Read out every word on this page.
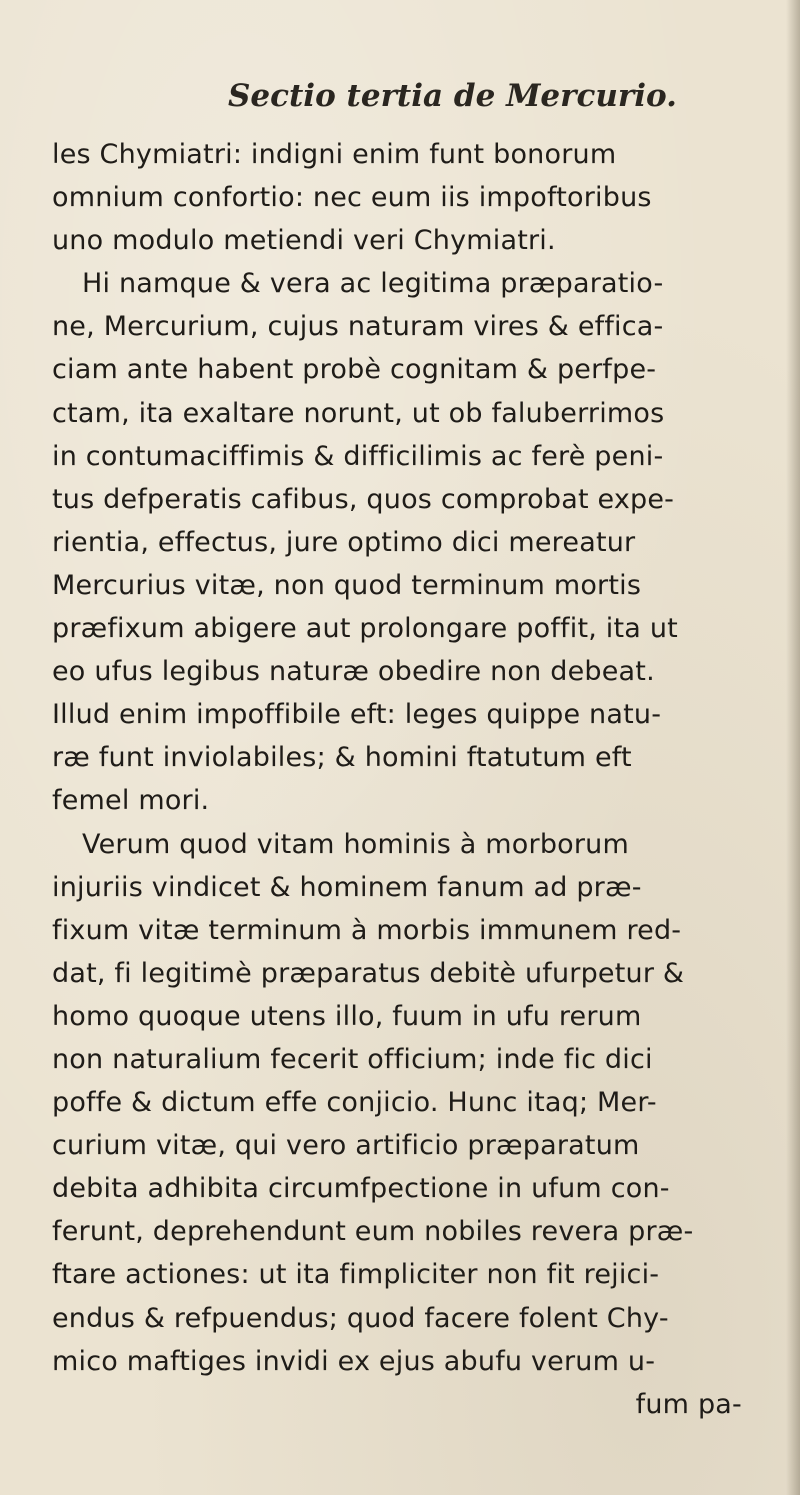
Sectio tertia de Mercurio.
les Chymiatri: indigni enim funt bonorum
omnium confortio: nec eum iis impoftoribus
uno modulo metiendi veri Chymiatri.
Hi namque & vera ac legitima præparatio-
ne, Mercurium, cujus naturam vires & effica-
ciam ante habent probè cognitam & perfpe-
ctam, ita exaltare norunt, ut ob faluberrimos
in contumaciffimis & difficilimis ac ferè peni-
tus defperatis cafibus, quos comprobat expe-
rientia, effectus, jure optimo dici mereatur
Mercurius vitæ, non quod terminum mortis
præfixum abigere aut prolongare poffit, ita ut
eo ufus legibus naturæ obedire non debeat.
Illud enim impoffibile eft: leges quippe natu-
ræ funt inviolabiles; & homini ftatutum eft
femel mori.
Verum quod vitam hominis à morborum
injuriis vindicet & hominem fanum ad præ-
fixum vitæ terminum à morbis immunem red-
dat, fi legitimè præparatus debitè ufurpetur &
homo quoque utens illo, fuum in ufu rerum
non naturalium fecerit officium; inde fic dici
poffe & dictum effe conjicio. Hunc itaq; Mer-
curium vitæ, qui vero artificio præparatum
debita adhibita circumfpectione in ufum con-
ferunt, deprehendunt eum nobiles revera præ-
ftare actiones: ut ita fimpliciter non fit rejici-
endus & refpuendus; quod facere folent Chy-
mico maftiges invidi ex ejus abufu verum u-
fum pa-
